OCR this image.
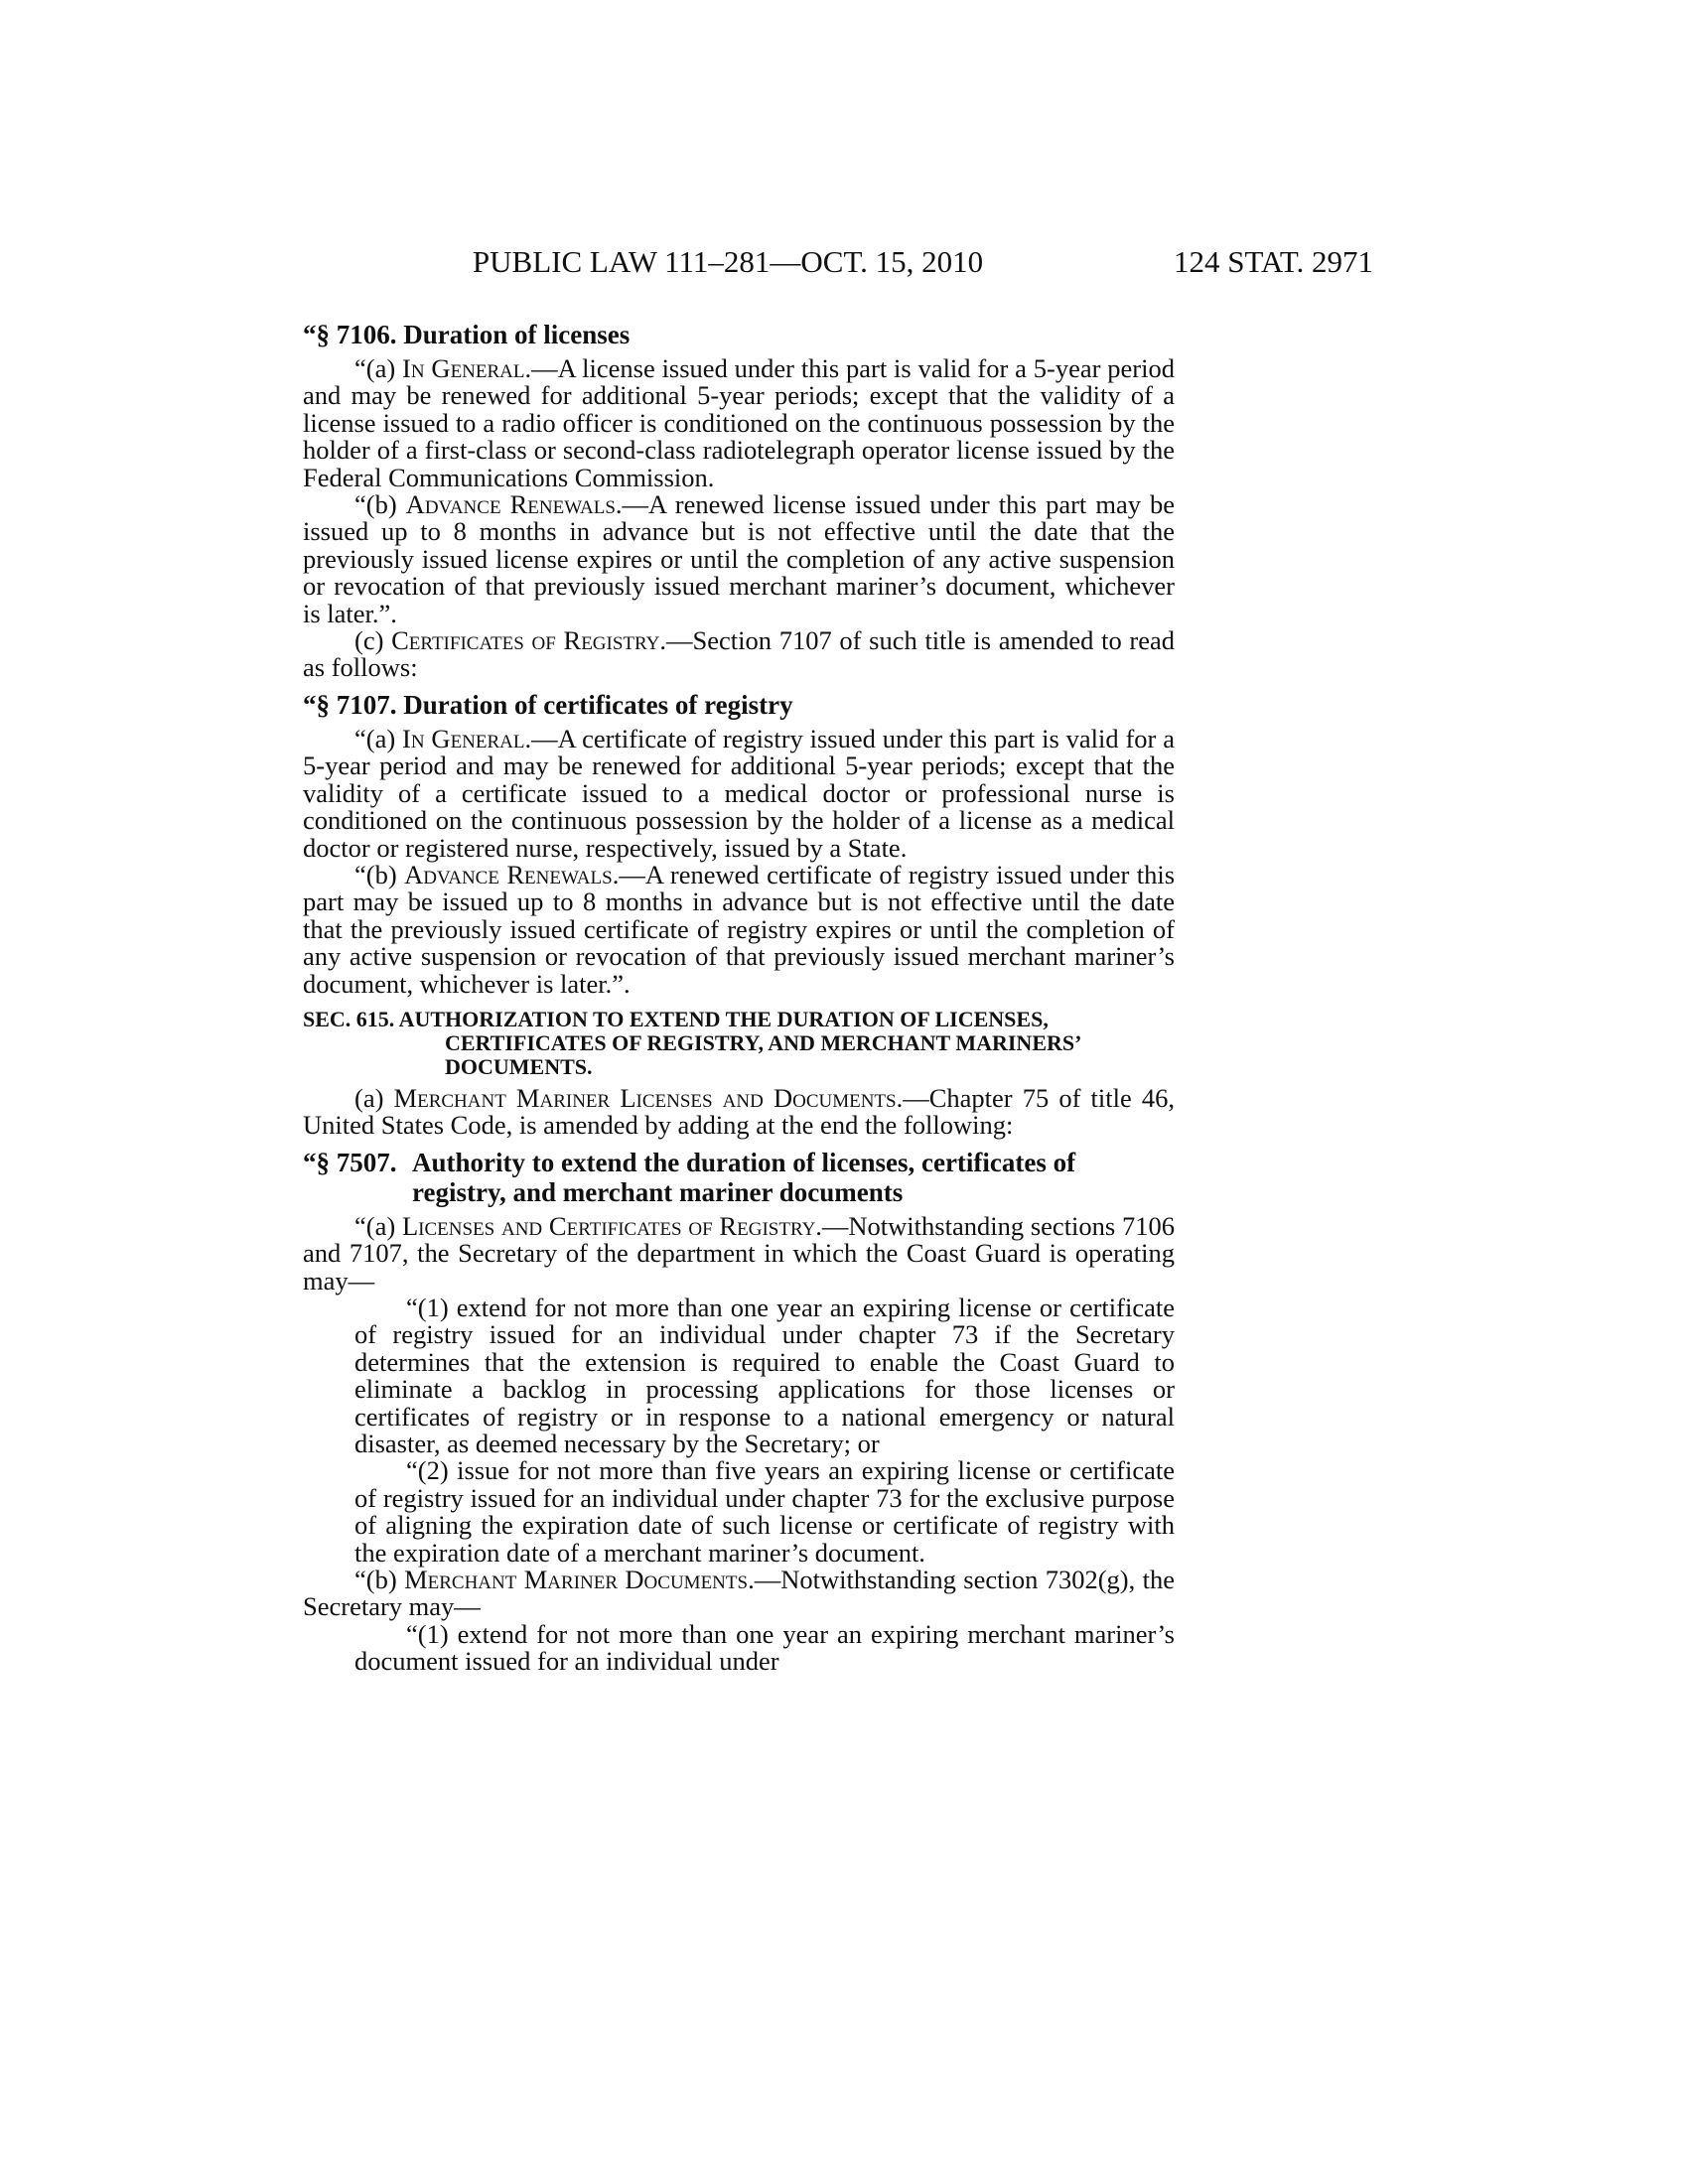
PUBLIC LAW 111–281—OCT. 15, 2010	124 STAT. 2971
“§ 7106. Duration of licenses

“(a) In General.—A license issued under this part is valid for a 5-year period and may be renewed for additional 5-year periods; except that the validity of a license issued to a radio officer is conditioned on the continuous possession by the holder of a first-class or second-class radiotelegraph operator license issued by the Federal Communications Commission.

“(b) Advance Renewals.—A renewed license issued under this part may be issued up to 8 months in advance but is not effective until the date that the previously issued license expires or until the completion of any active suspension or revocation of that previously issued merchant mariner’s document, whichever is later.”.

(c) Certificates of Registry.—Section 7107 of such title is amended to read as follows:

“§ 7107. Duration of certificates of registry

“(a) In General.—A certificate of registry issued under this part is valid for a 5-year period and may be renewed for additional 5-year periods; except that the validity of a certificate issued to a medical doctor or professional nurse is conditioned on the continuous possession by the holder of a license as a medical doctor or registered nurse, respectively, issued by a State.

“(b) Advance Renewals.—A renewed certificate of registry issued under this part may be issued up to 8 months in advance but is not effective until the date that the previously issued certificate of registry expires or until the completion of any active suspension or revocation of that previously issued merchant mariner’s document, whichever is later.”.

SEC. 615. AUTHORIZATION TO EXTEND THE DURATION OF LICENSES, CERTIFICATES OF REGISTRY, AND MERCHANT MARINERS’ DOCUMENTS.

(a) Merchant Mariner Licenses and Documents.—Chapter 75 of title 46, United States Code, is amended by adding at the end the following:

“§ 7507. Authority to extend the duration of licenses, certificates of registry, and merchant mariner documents

“(a) Licenses and Certificates of Registry.—Notwithstanding sections 7106 and 7107, the Secretary of the department in which the Coast Guard is operating may—

“(1) extend for not more than one year an expiring license or certificate of registry issued for an individual under chapter 73 if the Secretary determines that the extension is required to enable the Coast Guard to eliminate a backlog in processing applications for those licenses or certificates of registry or in response to a national emergency or natural disaster, as deemed necessary by the Secretary; or

“(2) issue for not more than five years an expiring license or certificate of registry issued for an individual under chapter 73 for the exclusive purpose of aligning the expiration date of such license or certificate of registry with the expiration date of a merchant mariner’s document.

“(b) Merchant Mariner Documents.—Notwithstanding section 7302(g), the Secretary may—

“(1) extend for not more than one year an expiring merchant mariner’s document issued for an individual under
